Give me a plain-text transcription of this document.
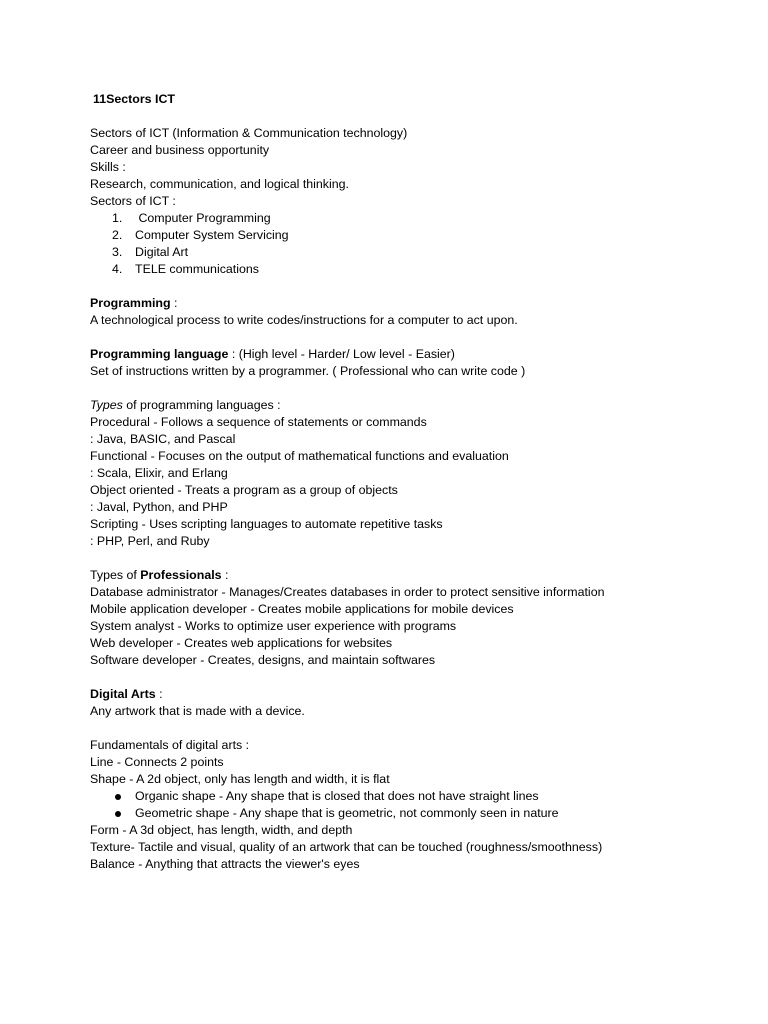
11Sectors ICT
Sectors of ICT (Information & Communication technology)
Career and business opportunity
Skills :
Research, communication, and logical thinking.
Sectors of ICT :
1. Computer Programming
2. Computer System Servicing
3. Digital Art
4. TELE communications
Programming :
A technological process to write codes/instructions for a computer to act upon.
Programming language : (High level - Harder/ Low level - Easier)
Set of instructions written by a programmer. ( Professional who can write code )
Types of programming languages :
Procedural - Follows a sequence of statements or commands
: Java, BASIC, and Pascal
Functional - Focuses on the output of mathematical functions and evaluation
: Scala, Elixir, and Erlang
Object oriented - Treats a program as a group of objects
: Javal, Python, and PHP
Scripting - Uses scripting languages to automate repetitive tasks
: PHP, Perl, and Ruby
Types of Professionals :
Database administrator - Manages/Creates databases in order to protect sensitive information
Mobile application developer - Creates mobile applications for mobile devices
System analyst - Works to optimize user experience with programs
Web developer - Creates web applications for websites
Software developer - Creates, designs, and maintain softwares
Digital Arts :
Any artwork that is made with a device.
Fundamentals of digital arts :
Line - Connects 2 points
Shape - A 2d object, only has length and width, it is flat
Organic shape - Any shape that is closed that does not have straight lines
Geometric shape - Any shape that is geometric, not commonly seen in nature
Form - A 3d object, has length, width, and depth
Texture- Tactile and visual, quality of an artwork that can be touched (roughness/smoothness)
Balance - Anything that attracts the viewer's eyes
